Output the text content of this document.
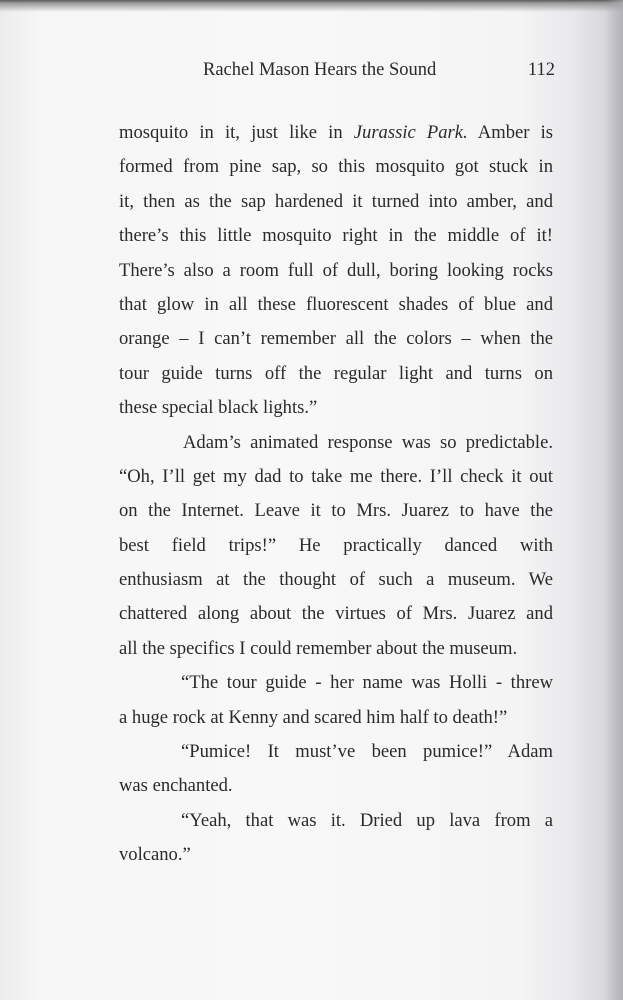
Rachel Mason Hears the Sound	112
mosquito in it, just like in Jurassic Park. Amber is
formed from pine sap, so this mosquito got stuck in
it, then as the sap hardened it turned into amber, and
there’s this little mosquito right in the middle of it!
There’s also a room full of dull, boring looking rocks
that glow in all these fluorescent shades of blue and
orange – I can’t remember all the colors – when the
tour guide turns off the regular light and turns on
these special black lights.”
Adam’s animated response was so predictable.
“Oh, I’ll get my dad to take me there. I’ll check it out
on the Internet. Leave it to Mrs. Juarez to have the
best field trips!” He practically danced with
enthusiasm at the thought of such a museum. We
chattered along about the virtues of Mrs. Juarez and
all the specifics I could remember about the museum.
“The tour guide - her name was Holli - threw
a huge rock at Kenny and scared him half to death!”
“Pumice! It must’ve been pumice!” Adam
was enchanted.
“Yeah, that was it. Dried up lava from a
volcano.”
